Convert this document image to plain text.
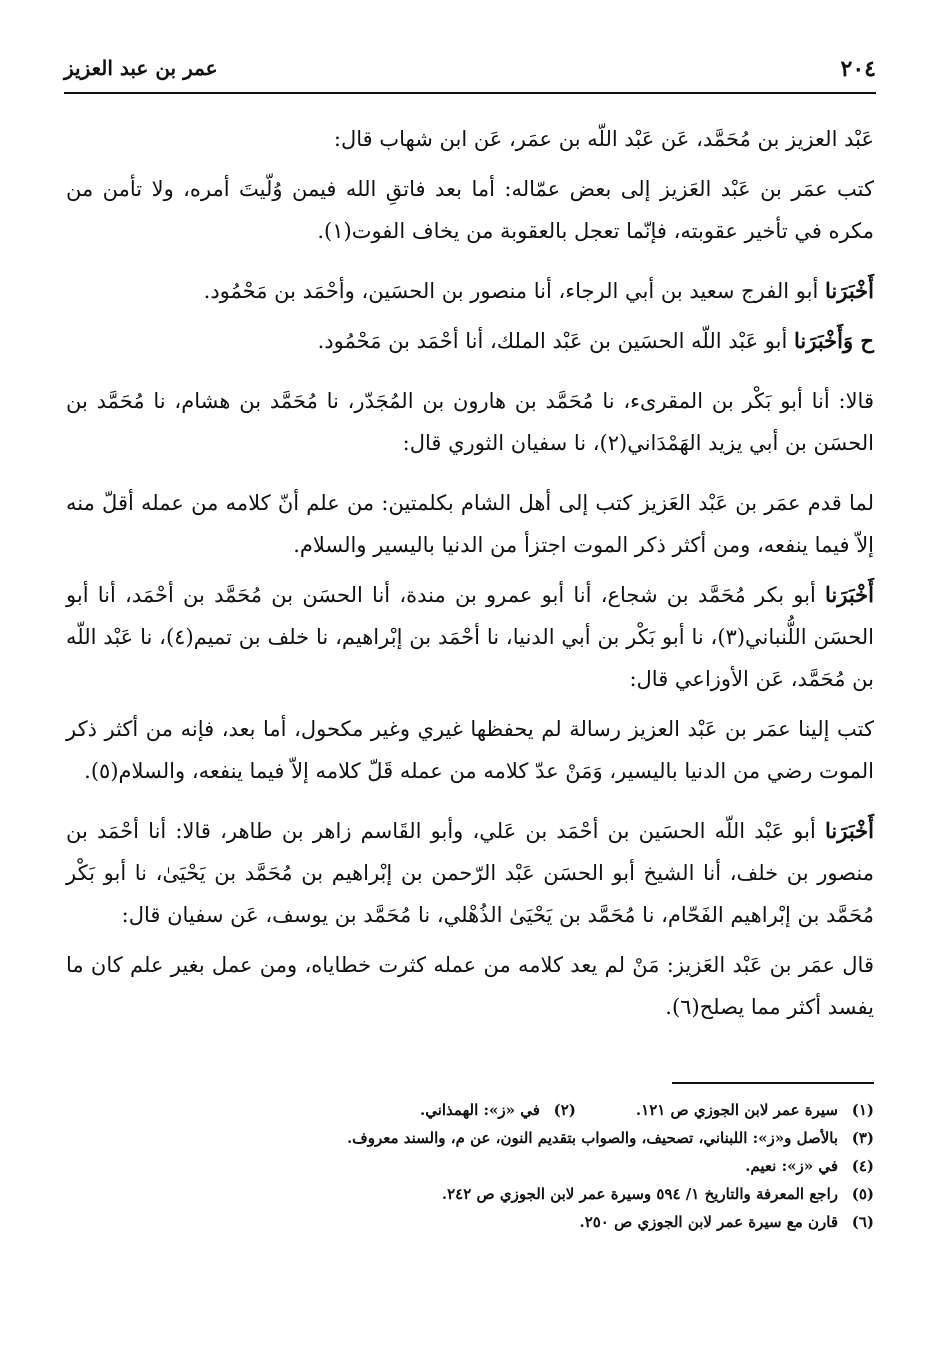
٢٠٤
عمر بن عبد العزيز

عَبْد العزيز بن مُحَمَّد، عَن عَبْد اللّه بن عمَر، عَن ابن شهاب قال:

كتب عمَر بن عَبْد العَزيز إلى بعض عمّاله: أما بعد فاتقِ الله فيمن وُلّيتَ أمره، ولا تأمن من مكره في تأخير عقوبته، فإنّما تعجل بالعقوبة من يخاف الفوت(١).

أَخْبَرَنا أبو الفرج سعيد بن أبي الرجاء، أنا منصور بن الحسَين، وأحْمَد بن مَحْمُود.

ح وَأَخْبَرَنا أبو عَبْد اللّه الحسَين بن عَبْد الملك، أنا أحْمَد بن مَحْمُود.

قالا: أنا أبو بَكْر بن المقرىء، نا مُحَمَّد بن هارون بن المُجَدّر، نا مُحَمَّد بن هشام، نا مُحَمَّد بن الحسَن بن أبي يزيد الهَمْدَاني(٢)، نا سفيان الثوري قال:

لما قدم عمَر بن عَبْد العَزيز كتب إلى أهل الشام بكلمتين: من علم أنّ كلامه من عمله أقلّ منه إلاّ فيما ينفعه، ومن أكثر ذكر الموت اجتزأ من الدنيا باليسير والسلام.

أَخْبَرَنا أبو بكر مُحَمَّد بن شجاع، أنا أبو عمرو بن مندة، أنا الحسَن بن مُحَمَّد بن أحْمَد، أنا أبو الحسَن اللُّنباني(٣)، نا أبو بَكْر بن أبي الدنيا، نا أحْمَد بن إبْراهيم، نا خلف بن تميم(٤)، نا عَبْد اللّه بن مُحَمَّد، عَن الأوزاعي قال:

كتب إلينا عمَر بن عَبْد العزيز رسالة لم يحفظها غيري وغير مكحول، أما بعد، فإنه من أكثر ذكر الموت رضي من الدنيا باليسير، وَمَنْ عدّ كلامه من عمله قَلّ كلامه إلاّ فيما ينفعه، والسلام(٥).

أَخْبَرَنا أبو عَبْد اللّه الحسَين بن أحْمَد بن عَلي، وأبو القَاسم زاهر بن طاهر، قالا: أنا أحْمَد بن منصور بن خلف، أنا الشيخ أبو الحسَن عَبْد الرّحمن بن إبْراهيم بن مُحَمَّد بن يَحْيَىٰ، نا أبو بَكْر مُحَمَّد بن إبْراهيم الفَحّام، نا مُحَمَّد بن يَحْيَىٰ الذُهْلي، نا مُحَمَّد بن يوسف، عَن سفيان قال:

قال عمَر بن عَبْد العَزيز: مَنْ لم يعد كلامه من عمله كثرت خطاياه، ومن عمل بغير علم كان ما يفسد أكثر مما يصلح(٦).

(١)سيرة عمر لابن الجوزي ص ١٢١.(٢)في «ز»: الهمذاني.

(٣)بالأصل و«ز»: اللبناني، تصحيف، والصواب بتقديم النون، عن م، والسند معروف.

(٤)في «ز»: نعيم.

(٥)راجع المعرفة والتاريخ ١/ ٥٩٤ وسيرة عمر لابن الجوزي ص ٢٤٢.

(٦)قارن مع سيرة عمر لابن الجوزي ص ٢٥٠.
